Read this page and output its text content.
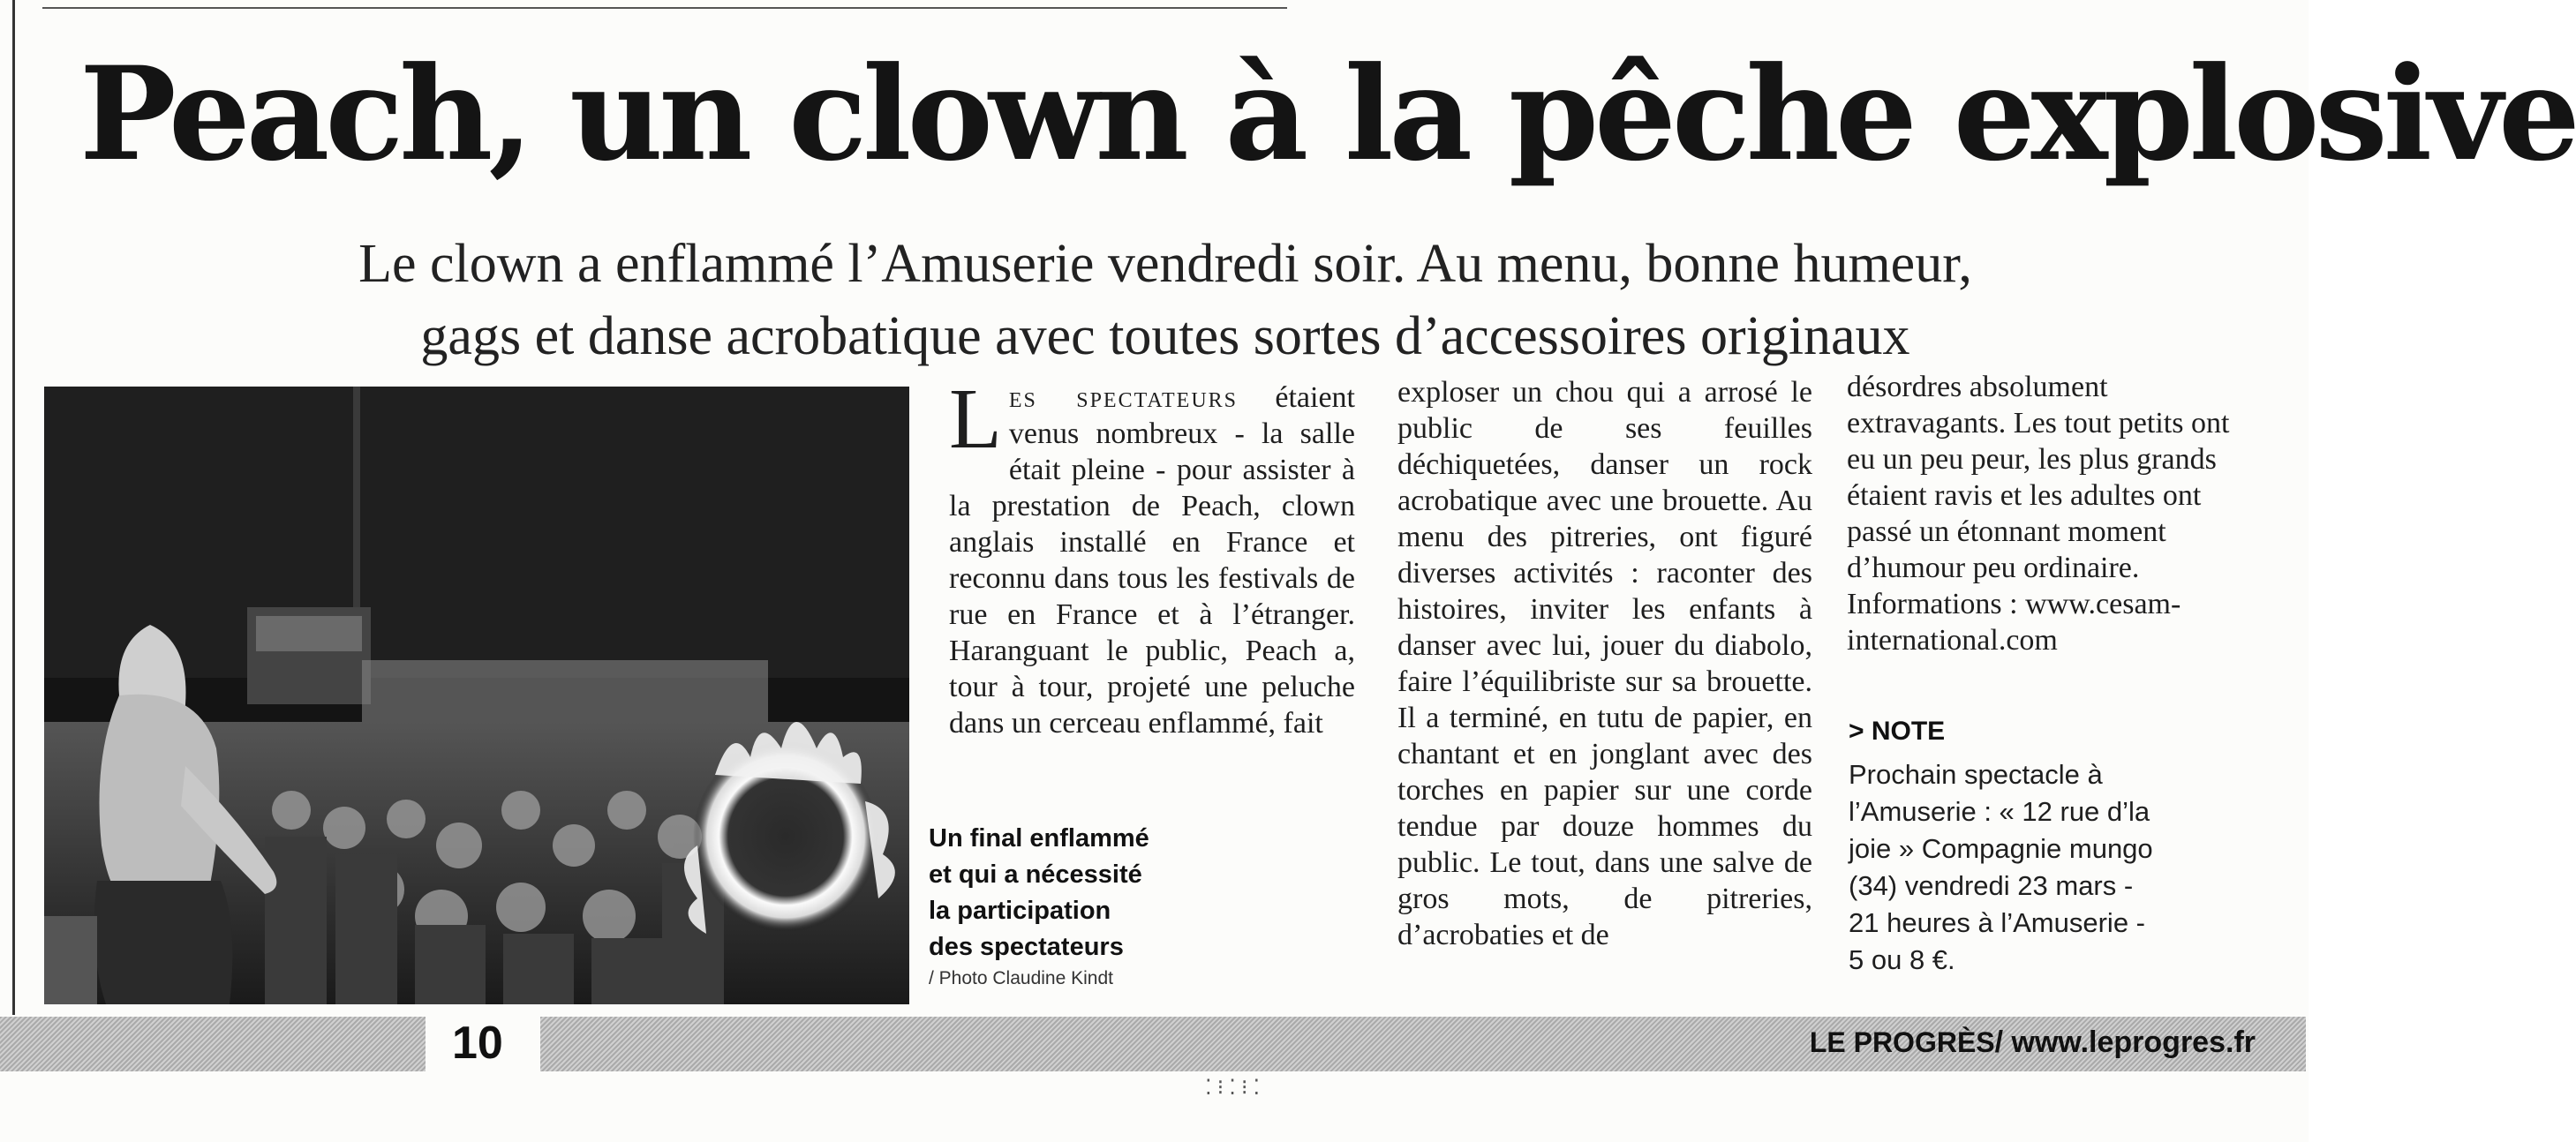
Peach, un clown à la pêche explosive
Le clown a enflammé l’Amuserie vendredi soir. Au menu, bonne humeur,
gags et danse acrobatique avec toutes sortes d’accessoires originaux
Un final enflammé
et qui a nécessité
la participation
des spectateurs
/ Photo Claudine Kindt
Les spectateurs étaient venus nombreux - la salle était pleine - pour assister à la prestation de Peach, clown anglais installé en France et reconnu dans tous les festivals de rue en France et à l’étranger. Haranguant le public, Peach a, tour à tour, projeté une peluche dans un cerceau enflammé, fait
exploser un chou qui a arrosé le public de ses feuilles déchiquetées, danser un rock acrobatique avec une brouette. Au menu des pitreries, ont figuré diverses activités : raconter des histoires, inviter les enfants à danser avec lui, jouer du diabolo, faire l’équilibriste sur sa brouette. Il a terminé, en tutu de papier, en chantant et en jonglant avec des torches en papier sur une corde tendue par douze hommes du public. Le tout, dans une salve de gros mots, de pitreries, d’acrobaties et de
désordres absolument extravagants. Les tout petits ont eu un peu peur, les plus grands étaient ravis et les adultes ont passé un étonnant moment d’humour peu ordinaire. Informations : www.cesam-international.com
> NOTE
Prochain spectacle à
l’Amuserie : « 12 rue d’la
joie » Compagnie mungo
(34) vendredi 23 mars -
21 heures à l’Amuserie -
5 ou 8 €.
10	LE PROGRÈS/ www.leprogres.fr
⁚⁝⁚⁝⁚
